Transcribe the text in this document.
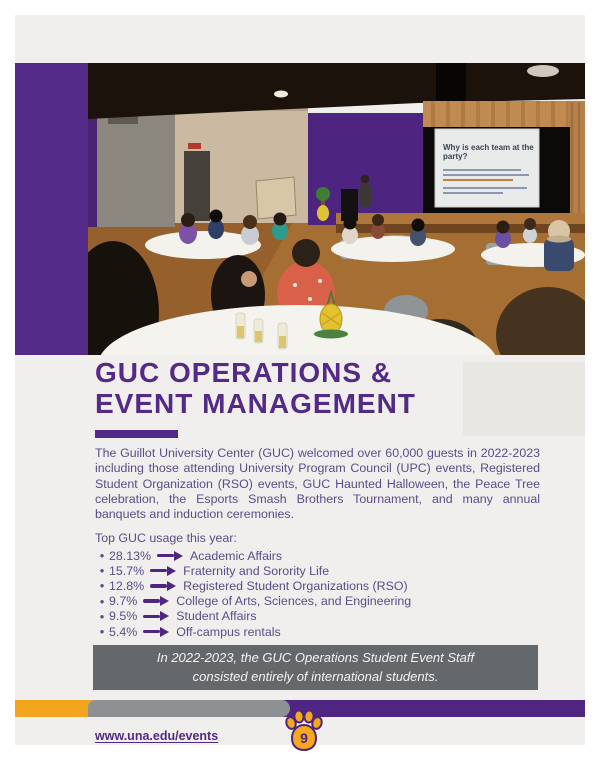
Why is each team at the
party?
GUC OPERATIONS &
EVENT MANAGEMENT

The Guillot University Center (GUC) welcomed over 60,000 guests in 2022-2023 including those attending University Program Council (UPC) events, Registered Student Organization (RSO) events, GUC Haunted Halloween, the Peace Tree celebration, the Esports Smash Brothers Tournament, and many annual banquets and induction ceremonies.

Top GUC usage this year:

• 28.13%	Academic Affairs
• 15.7%	Fraternity and Sorority Life
• 12.8%	Registered Student Organizations (RSO)
• 9.7%	College of Arts, Sciences, and Engineering
• 9.5%	Student Affairs
• 5.4%	Off-campus rentals
In 2022-2023, the GUC Operations Student Event Staff
consisted entirely of international students.
9
www.una.edu/events
